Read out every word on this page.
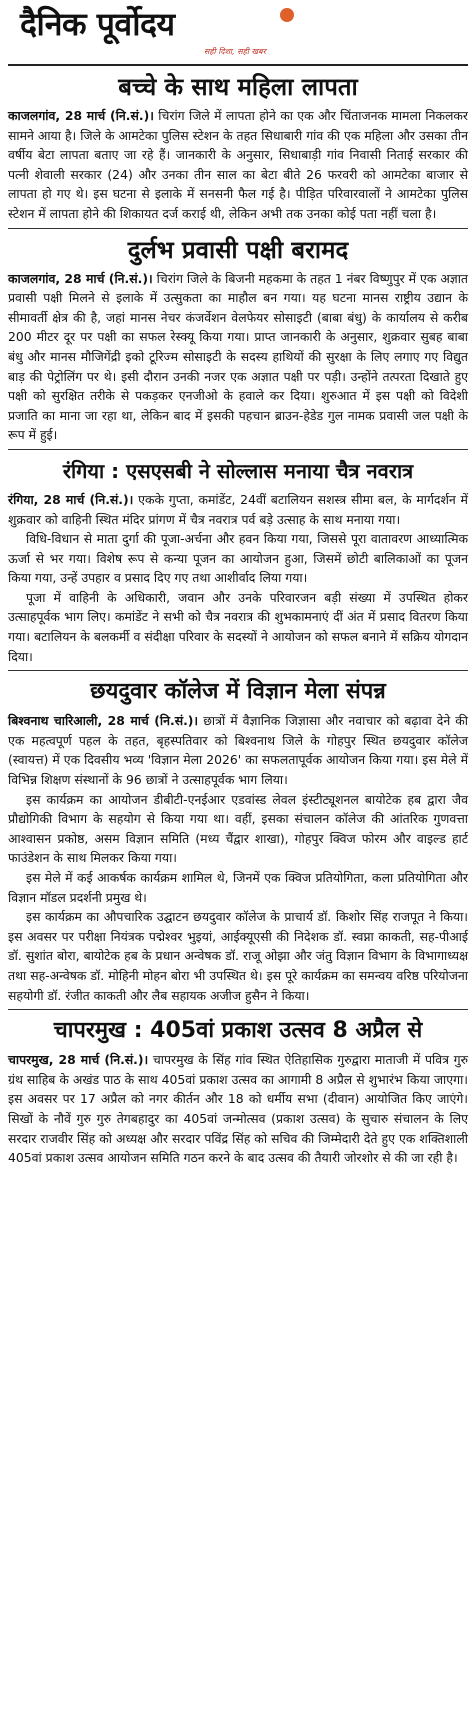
दैनिक पूर्वोदय
सही दिशा, सही खबर
बच्चे के साथ महिला लापता

काजलगांव, 28 मार्च (नि.सं.)। चिरांग जिले में लापता होने का एक और चिंताजनक मामला निकलकर सामने आया है। जिले के आमटेका पुलिस स्टेशन के तहत सिधाबारी गांव की एक महिला और उसका तीन वर्षीय बेटा लापता बताए जा रहे हैं। जानकारी के अनुसार, सिधाबाड़ी गांव निवासी निताई सरकार की पत्नी शेवाली सरकार (24) और उनका तीन साल का बेटा बीते 26 फरवरी को आमटेका बाजार से लापता हो गए थे। इस घटना से इलाके में सनसनी फैल गई है। पीड़ित परिवारवालों ने आमटेका पुलिस स्टेशन में लापता होने की शिकायत दर्ज कराई थी, लेकिन अभी तक उनका कोई पता नहीं चला है।

दुर्लभ प्रवासी पक्षी बरामद

काजलगांव, 28 मार्च (नि.सं.)। चिरांग जिले के बिजनी महकमा के तहत 1 नंबर विष्णुपुर में एक अज्ञात प्रवासी पक्षी मिलने से इलाके में उत्सुकता का माहौल बन गया। यह घटना मानस राष्ट्रीय उद्यान के सीमावर्ती क्षेत्र की है, जहां मानस नेचर कंजर्वेशन वेलफेयर सोसाइटी (बाबा बंधु) के कार्यालय से करीब 200 मीटर दूर पर पक्षी का सफल रेस्क्यू किया गया। प्राप्त जानकारी के अनुसार, शुक्रवार सुबह बाबा बंधु और मानस मौजिगेंद्री इको टूरिज्म सोसाइटी के सदस्य हाथियों की सुरक्षा के लिए लगाए गए विद्युत बाड़ की पेट्रोलिंग पर थे। इसी दौरान उनकी नजर एक अज्ञात पक्षी पर पड़ी। उन्होंने तत्परता दिखाते हुए पक्षी को सुरक्षित तरीके से पकड़कर एनजीओ के हवाले कर दिया। शुरुआत में इस पक्षी को विदेशी प्रजाति का माना जा रहा था, लेकिन बाद में इसकी पहचान ब्राउन-हेडेड गुल नामक प्रवासी जल पक्षी के रूप में हुई।

रंगिया : एसएसबी ने सोल्लास मनाया चैत्र नवरात्र

रंगिया, 28 मार्च (नि.सं.)। एकके गुप्ता, कमांडेंट, 24वीं बटालियन सशस्त्र सीमा बल, के मार्गदर्शन में शुक्रवार को वाहिनी स्थित मंदिर प्रांगण में चैत्र नवरात्र पर्व बड़े उत्साह के साथ मनाया गया।

विधि-विधान से माता दुर्गा की पूजा-अर्चना और हवन किया गया, जिससे पूरा वातावरण आध्यात्मिक ऊर्जा से भर गया। विशेष रूप से कन्या पूजन का आयोजन हुआ, जिसमें छोटी बालिकाओं का पूजन किया गया, उन्हें उपहार व प्रसाद दिए गए तथा आशीर्वाद लिया गया।

पूजा में वाहिनी के अधिकारी, जवान और उनके परिवारजन बड़ी संख्या में उपस्थित होकर उत्साहपूर्वक भाग लिए। कमांडेंट ने सभी को चैत्र नवरात्र की शुभकामनाएं दीं अंत में प्रसाद वितरण किया गया। बटालियन के बलकर्मी व संदीक्षा परिवार के सदस्यों ने आयोजन को सफल बनाने में सक्रिय योगदान दिया।

छयदुवार कॉलेज में विज्ञान मेला संपन्न

बिश्वनाथ चारिआली, 28 मार्च (नि.सं.)। छात्रों में वैज्ञानिक जिज्ञासा और नवाचार को बढ़ावा देने की एक महत्वपूर्ण पहल के तहत, बृहस्पतिवार को बिश्वनाथ जिले के गोहपुर स्थित छयदुवार कॉलेज (स्वायत्त) में एक दिवसीय भव्य 'विज्ञान मेला 2026' का सफलतापूर्वक आयोजन किया गया। इस मेले में विभिन्न शिक्षण संस्थानों के 96 छात्रों ने उत्साहपूर्वक भाग लिया।

इस कार्यक्रम का आयोजन डीबीटी-एनईआर एडवांस्ड लेवल इंस्टीट्यूशनल बायोटेक हब द्वारा जैव प्रौद्योगिकी विभाग के सहयोग से किया गया था। वहीं, इसका संचालन कॉलेज की आंतरिक गुणवत्ता आश्वासन प्रकोष्ठ, असम विज्ञान समिति (मध्य चैंद्वार शाखा), गोहपुर क्विज फोरम और वाइल्ड हार्ट फाउंडेशन के साथ मिलकर किया गया।

इस मेले में कई आकर्षक कार्यक्रम शामिल थे, जिनमें एक क्विज प्रतियोगिता, कला प्रतियोगिता और विज्ञान मॉडल प्रदर्शनी प्रमुख थे।

इस कार्यक्रम का औपचारिक उद्घाटन छयदुवार कॉलेज के प्राचार्य डॉ. किशोर सिंह राजपूत ने किया। इस अवसर पर परीक्षा नियंत्रक पद्मेश्वर भुइयां, आईक्यूएसी की निदेशक डॉ. स्वप्ना काकती, सह-पीआई डॉ. सुशांत बोरा, बायोटेक हब के प्रधान अन्वेषक डॉ. राजू ओझा और जंतु विज्ञान विभाग के विभागाध्यक्ष तथा सह-अन्वेषक डॉ. मोहिनी मोहन बोरा भी उपस्थित थे। इस पूरे कार्यक्रम का समन्वय वरिष्ठ परियोजना सहयोगी डॉ. रंजीत काकती और लैब सहायक अजीज हुसैन ने किया।

चापरमुख : 405वां प्रकाश उत्सव 8 अप्रैल से

चापरमुख, 28 मार्च (नि.सं.)। चापरमुख के सिंह गांव स्थित ऐतिहासिक गुरुद्वारा माताजी में पवित्र गुरु ग्रंथ साहिब के अखंड पाठ के साथ 405वां प्रकाश उत्सव का आगामी 8 अप्रैल से शुभारंभ किया जाएगा। इस अवसर पर 17 अप्रैल को नगर कीर्तन और 18 को धर्मीय सभा (दीवान) आयोजित किए जाएंगे। सिखों के नौवें गुरु गुरु तेगबहादुर का 405वां जन्मोत्सव (प्रकाश उत्सव) के सुचारु संचालन के लिए सरदार राजवीर सिंह को अध्यक्ष और सरदार पविंद्र सिंह को सचिव की जिम्मेदारी देते हुए एक शक्तिशाली 405वां प्रकाश उत्सव आयोजन समिति गठन करने के बाद उत्सव की तैयारी जोरशोर से की जा रही है।
